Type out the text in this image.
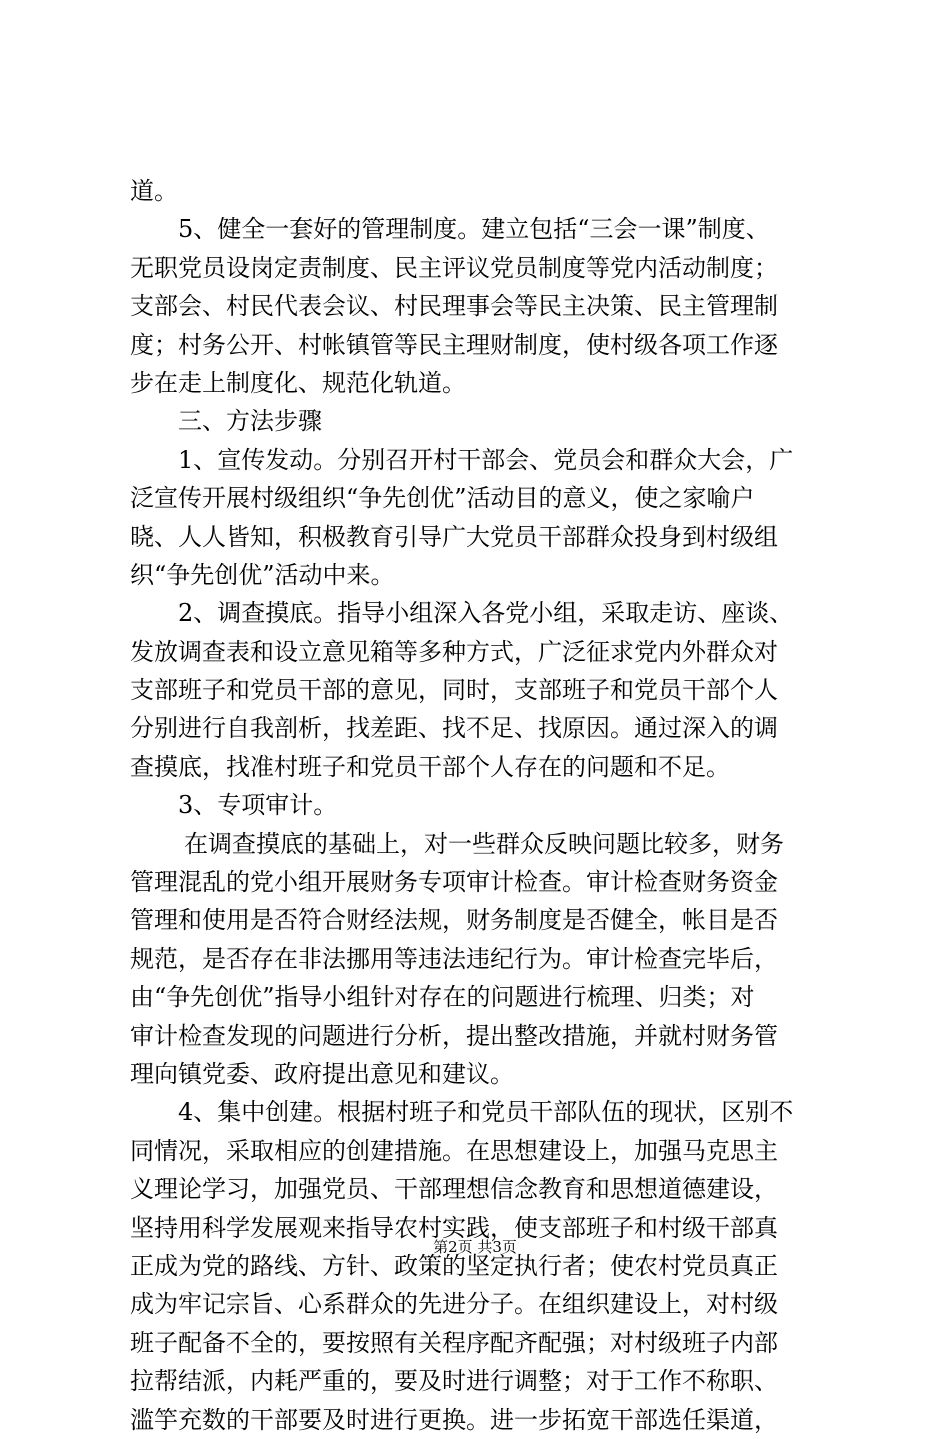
道。
5、健全一套好的管理制度。建立包括“三会一课”制度、
无职党员设岗定责制度、民主评议党员制度等党内活动制度；
支部会、村民代表会议、村民理事会等民主决策、民主管理制
度；村务公开、村帐镇管等民主理财制度，使村级各项工作逐
步在走上制度化、规范化轨道。
三、方法步骤
1、宣传发动。分别召开村干部会、党员会和群众大会，广
泛宣传开展村级组织“争先创优”活动目的意义，使之家喻户
晓、人人皆知，积极教育引导广大党员干部群众投身到村级组
织“争先创优”活动中来。
2、调查摸底。指导小组深入各党小组，采取走访、座谈、
发放调查表和设立意见箱等多种方式，广泛征求党内外群众对
支部班子和党员干部的意见，同时，支部班子和党员干部个人
分别进行自我剖析，找差距、找不足、找原因。通过深入的调
查摸底，找准村班子和党员干部个人存在的问题和不足。
3、专项审计。
在调查摸底的基础上，对一些群众反映问题比较多，财务
管理混乱的党小组开展财务专项审计检查。审计检查财务资金
管理和使用是否符合财经法规，财务制度是否健全，帐目是否
规范，是否存在非法挪用等违法违纪行为。审计检查完毕后，
由“争先创优”指导小组针对存在的问题进行梳理、归类；对
审计检查发现的问题进行分析，提出整改措施，并就村财务管
理向镇党委、政府提出意见和建议。
4、集中创建。根据村班子和党员干部队伍的现状，区别不
同情况，采取相应的创建措施。在思想建设上，加强马克思主
义理论学习，加强党员、干部理想信念教育和思想道德建设，
坚持用科学发展观来指导农村实践，使支部班子和村级干部真
正成为党的路线、方针、政策的坚定执行者；使农村党员真正
成为牢记宗旨、心系群众的先进分子。在组织建设上，对村级
班子配备不全的，要按照有关程序配齐配强；对村级班子内部
拉帮结派，内耗严重的，要及时进行调整；对于工作不称职、
滥竽充数的干部要及时进行更换。进一步拓宽干部选任渠道，
第2页 共3页
